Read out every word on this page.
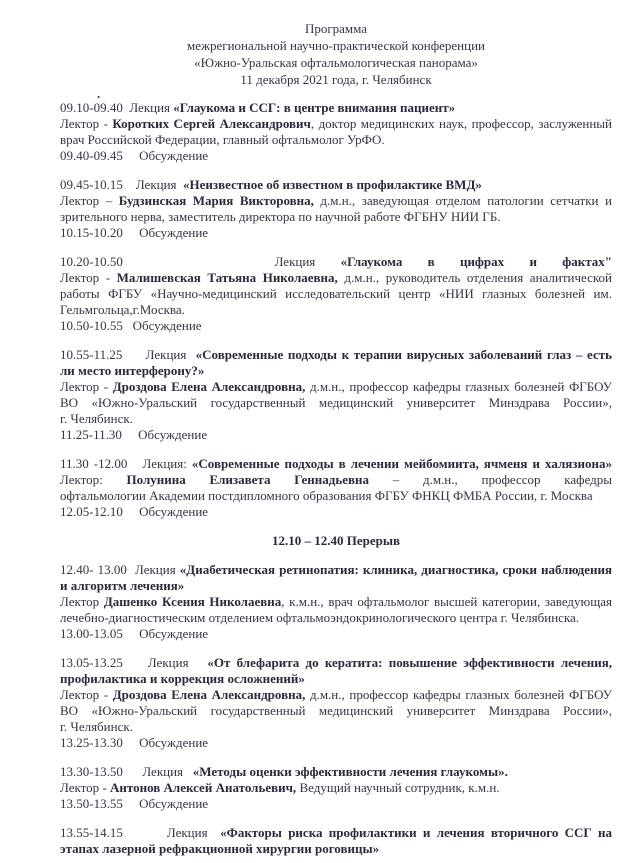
Программа
межрегиональной научно-практической конференции
«Южно-Уральская офтальмологическая панорама»
11 декабря 2021 года, г. Челябинск
.
09.10-09.40  Лекция «Глаукома и ССГ: в центре внимания пациент»
Лектор - Коротких Сергей Александрович, доктор медицинских наук, профессор, заслуженный
врач Российской Федерации, главный офтальмолог УрФО.
09.40-09.45     Обсуждение
09.45-10.15    Лекция  «Неизвестное об известном в профилактике ВМД»
Лектор – Будзинская Мария Викторовна, д.м.н., заведующая отделом патологии сетчатки и
зрительного нерва, заместитель директора по научной работе ФГБНУ НИИ ГБ.
10.15-10.20     Обсуждение
10.20-10.50      Лекция «Глаукома в цифрах и фактах"
Лектор - Малишевская Татьяна Николаевна, д.м.н., руководитель отделения аналитической
работы ФГБУ «Научно-медицинский исследовательский центр «НИИ глазных болезней им.
Гельмгольца,г.Москва.
10.50-10.55   Обсуждение
10.55-11.25     Лекция  «Современные подходы к терапии вирусных заболеваний глаз – есть
ли место интерферону?»
Лектор - Дроздова Елена Александровна, д.м.н., профессор кафедры глазных болезней ФГБОУ
ВО «Южно-Уральский государственный медицинский университет Минздрава России»,
г. Челябинск.
11.25-11.30     Обсуждение
11.30 -12.00   Лекция: «Современные подходы в лечении мейбомиита, ячменя и халязиона»
Лектор: Полунина Елизавета Геннадьевна – д.м.н., профессор кафедры
офтальмологии Академии постдипломного образования ФГБУ ФНКЦ ФМБА России, г. Москва
12.05-12.10     Обсуждение
12.10 – 12.40 Перерыв
12.40- 13.00  Лекция «Диабетическая ретинопатия: клиника, диагностика, сроки наблюдения
и алгоритм лечения»
Лектор Дашенко Ксения Николаевна, к.м.н., врач офтальмолог высшей категории, заведующая
лечебно-диагностическим отделением офтальмоэндокринологического центра г. Челябинска.
13.00-13.05     Обсуждение
13.05-13.25    Лекция   «От блефарита до кератита: повышение эффективности лечения,
профилактика и коррекция осложнений»
Лектор - Дроздова Елена Александровна, д.м.н., профессор кафедры глазных болезней ФГБОУ
ВО «Южно-Уральский государственный медицинский университет Минздрава России»,
г. Челябинск.
13.25-13.30     Обсуждение
13.30-13.50      Лекция   «Методы оценки эффективности лечения глаукомы».
Лектор - Антонов Алексей Анатольевич, Ведущий научный сотрудник, к.м.н.
13.50-13.55     Обсуждение
13.55-14.15       Лекция  «Факторы риска профилактики и лечения вторичного ССГ на
этапах лазерной рефракционной хирургии роговицы»
